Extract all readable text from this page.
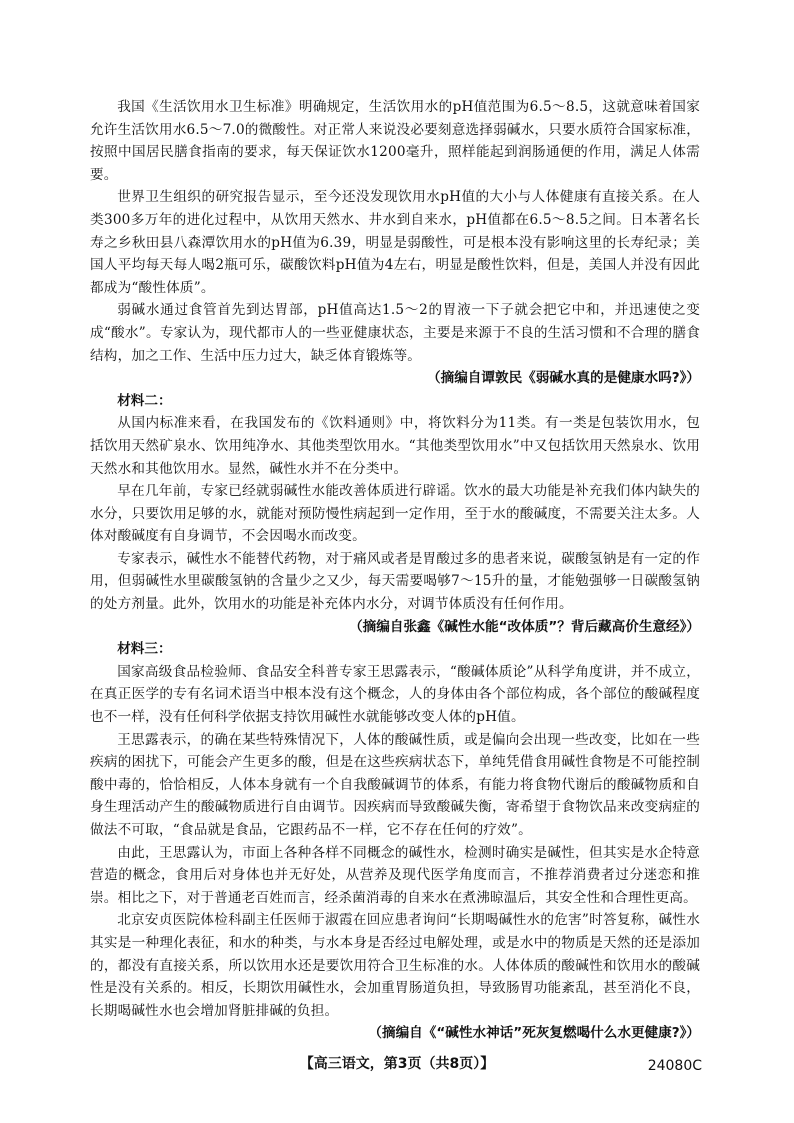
我国《生活饮用水卫生标准》明确规定，生活饮用水的pH值范围为6.5～8.5，这就意味着国家允许生活饮用水6.5～7.0的微酸性。对正常人来说没必要刻意选择弱碱水，只要水质符合国家标准，按照中国居民膳食指南的要求，每天保证饮水1200毫升，照样能起到润肠通便的作用，满足人体需要。

世界卫生组织的研究报告显示，至今还没发现饮用水pH值的大小与人体健康有直接关系。在人类300多万年的进化过程中，从饮用天然水、井水到自来水，pH值都在6.5～8.5之间。日本著名长寿之乡秋田县八森潭饮用水的pH值为6.39，明显是弱酸性，可是根本没有影响这里的长寿纪录；美国人平均每天每人喝2瓶可乐，碳酸饮料pH值为4左右，明显是酸性饮料，但是，美国人并没有因此都成为“酸性体质”。

弱碱水通过食管首先到达胃部，pH值高达1.5～2的胃液一下子就会把它中和，并迅速使之变成“酸水”。专家认为，现代都市人的一些亚健康状态，主要是来源于不良的生活习惯和不合理的膳食结构，加之工作、生活中压力过大，缺乏体育锻炼等。

（摘编自谭敦民《弱碱水真的是健康水吗?》）

材料二：

从国内标准来看，在我国发布的《饮料通则》中，将饮料分为11类。有一类是包装饮用水，包括饮用天然矿泉水、饮用纯净水、其他类型饮用水。“其他类型饮用水”中又包括饮用天然泉水、饮用天然水和其他饮用水。显然，碱性水并不在分类中。

早在几年前，专家已经就弱碱性水能改善体质进行辟谣。饮水的最大功能是补充我们体内缺失的水分，只要饮用足够的水，就能对预防慢性病起到一定作用，至于水的酸碱度，不需要关注太多。人体对酸碱度有自身调节，不会因喝水而改变。

专家表示，碱性水不能替代药物，对于痛风或者是胃酸过多的患者来说，碳酸氢钠是有一定的作用，但弱碱性水里碳酸氢钠的含量少之又少，每天需要喝够7～15升的量，才能勉强够一日碳酸氢钠的处方剂量。此外，饮用水的功能是补充体内水分，对调节体质没有任何作用。

（摘编自张鑫《碱性水能“改体质”？背后藏高价生意经》）

材料三：

国家高级食品检验师、食品安全科普专家王思露表示，“酸碱体质论”从科学角度讲，并不成立，在真正医学的专有名词术语当中根本没有这个概念，人的身体由各个部位构成，各个部位的酸碱程度也不一样，没有任何科学依据支持饮用碱性水就能够改变人体的pH值。

王思露表示，的确在某些特殊情况下，人体的酸碱性质，或是偏向会出现一些改变，比如在一些疾病的困扰下，可能会产生更多的酸，但是在这些疾病状态下，单纯凭借食用碱性食物是不可能控制酸中毒的，恰恰相反，人体本身就有一个自我酸碱调节的体系，有能力将食物代谢后的酸碱物质和自身生理活动产生的酸碱物质进行自由调节。因疾病而导致酸碱失衡，寄希望于食物饮品来改变病症的做法不可取，“食品就是食品，它跟药品不一样，它不存在任何的疗效”。

由此，王思露认为，市面上各种各样不同概念的碱性水，检测时确实是碱性，但其实是水企特意营造的概念，食用后对身体也并无好处，从营养及现代医学角度而言，不推荐消费者过分迷恋和推崇。相比之下，对于普通老百姓而言，经杀菌消毒的自来水在煮沸晾温后，其安全性和合理性更高。

北京安贞医院体检科副主任医师于淑霞在回应患者询问“长期喝碱性水的危害”时答复称，碱性水其实是一种理化表征，和水的种类，与水本身是否经过电解处理，或是水中的物质是天然的还是添加的，都没有直接关系，所以饮用水还是要饮用符合卫生标准的水。人体体质的酸碱性和饮用水的酸碱性是没有关系的。相反，长期饮用碱性水，会加重胃肠道负担，导致肠胃功能紊乱，甚至消化不良，长期喝碱性水也会增加肾脏排碱的负担。

（摘编自《“碱性水神话”死灰复燃喝什么水更健康?》）

【高三语文，第3页（共8页）】	24080C
